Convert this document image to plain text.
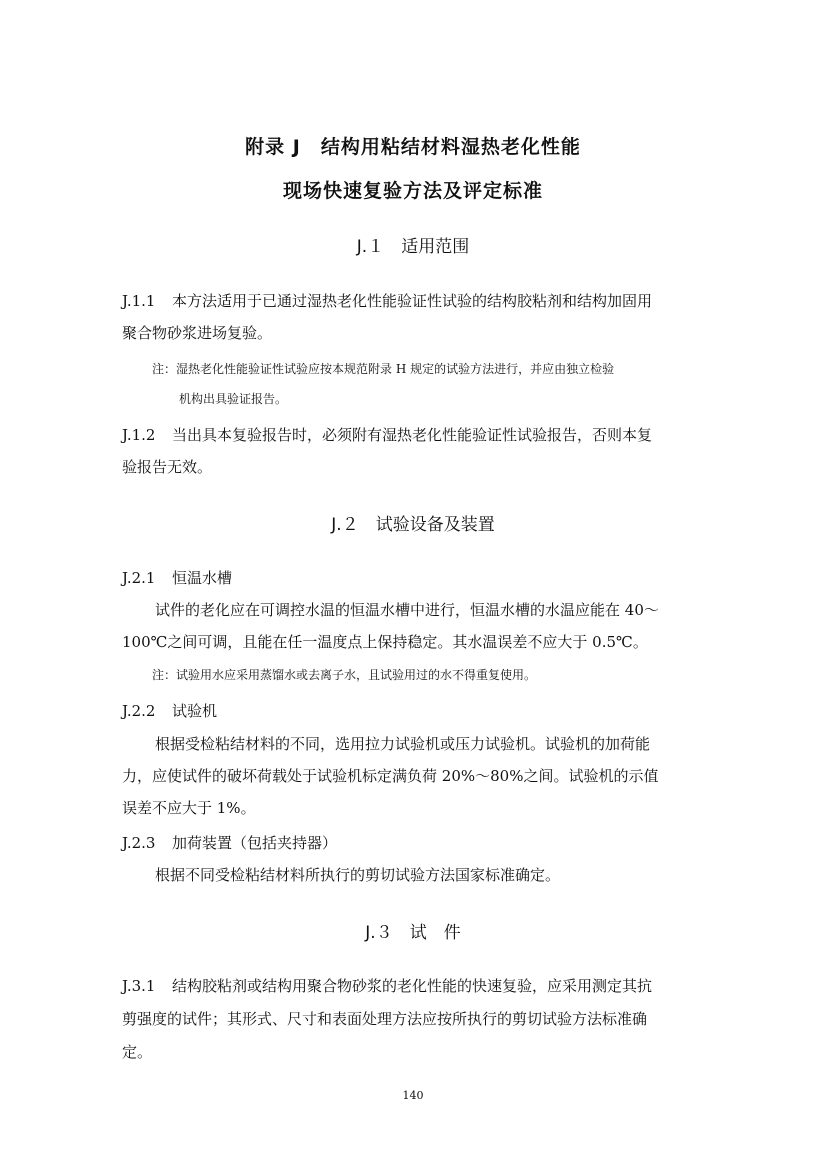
附录 J　结构用粘结材料湿热老化性能
现场快速复验方法及评定标准
J.１　适用范围
J.1.1 本方法适用于已通过湿热老化性能验证性试验的结构胶粘剂和结构加固用
聚合物砂浆进场复验。
注：湿热老化性能验证性试验应按本规范附录 H 规定的试验方法进行，并应由独立检验
机构出具验证报告。
J.1.2 当出具本复验报告时，必须附有湿热老化性能验证性试验报告，否则本复
验报告无效。
J.２　试验设备及装置
J.2.1 恒温水槽
试件的老化应在可调控水温的恒温水槽中进行，恒温水槽的水温应能在 40～
100℃之间可调，且能在任一温度点上保持稳定。其水温误差不应大于 0.5℃。
注：试验用水应采用蒸馏水或去离子水，且试验用过的水不得重复使用。
J.2.2 试验机
根据受检粘结材料的不同，选用拉力试验机或压力试验机。试验机的加荷能
力，应使试件的破坏荷载处于试验机标定满负荷 20%～80%之间。试验机的示值
误差不应大于 1%。
J.2.3 加荷装置（包括夹持器）
根据不同受检粘结材料所执行的剪切试验方法国家标准确定。
J.３　试　件
J.3.1 结构胶粘剂或结构用聚合物砂浆的老化性能的快速复验，应采用测定其抗
剪强度的试件；其形式、尺寸和表面处理方法应按所执行的剪切试验方法标准确
定。
140
